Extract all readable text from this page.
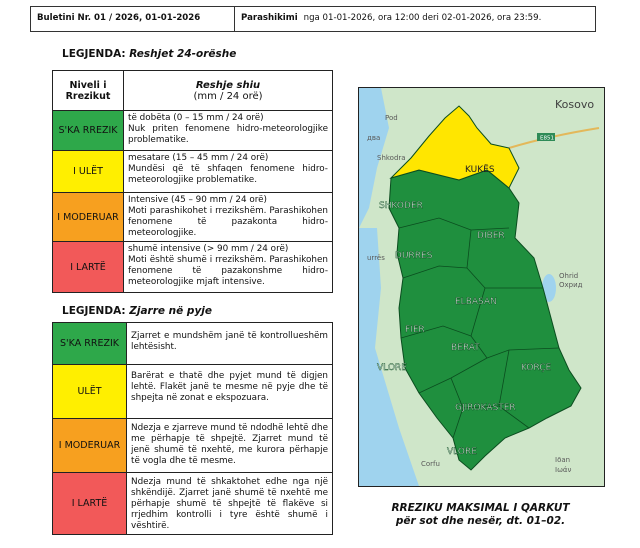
Buletini Nr. 01 / 2026, 01-01-2026	Parashikimi nga 01-01-2026, ora 12:00 deri 02-01-2026, ora 23:59.
LEGJENDA: Reshjet 24-orëshe
Niveli i
Rrezikut	Reshje shiu
(mm / 24 orë)
S'KA RREZIK	të dobëta (0 – 15 mm / 24 orë)
Nuk priten fenomene hidro-meteorologjike problematike.
I ULËT	mesatare (15 – 45 mm / 24 orë)
Mundësi që të shfaqen fenomene hidro-meteorologjike problematike.
I MODERUAR	Intensive (45 – 90 mm / 24 orë)
Moti parashikohet i rrezikshëm. Parashikohen fenomene të pazakonta hidro-meteorologjike.
I LARTË	shumë intensive (> 90 mm / 24 orë)
Moti është shumë i rrezikshëm. Parashikohen fenomene të pazakonshme hidro-meteorologjike mjaft intensive.
LEGJENDA: Zjarre në pyje
S'KA RREZIK	Zjarret e mundshëm janë të kontrollueshëm lehtësisht.
ULËT	Barërat e thatë dhe pyjet mund të digjen lehtë. Flakët janë te mesme në pyje dhe të shpejta në zonat e ekspozuara.
I MODERUAR	Ndezja e zjarreve mund të ndodhë lehtë dhe me përhapje të shpejtë. Zjarret mund të jenë shumë të nxehtë, me kurora përhapje të vogla dhe të mesme.
I LARTË	Ndezja mund të shkaktohet edhe nga një shkëndijë. Zjarret janë shumë të nxehtë me përhapje shumë të shpejtë të flakëve si rrjedhim kontrolli i tyre është shumë i vështirë.
E851
Kosovo
Pod
два
Shkodra
urrës
Ohrid
Охрид
Corfu	Iōan
Іωάν
KUKËS
SHKODER
DIBER
DURRES
ELBASAN
FIER
BERAT
KORÇE
VLORE
GJIROKASTER
VLORE
RREZIKU MAKSIMAL I QARKUT
për sot dhe nesër, dt. 01–02.
